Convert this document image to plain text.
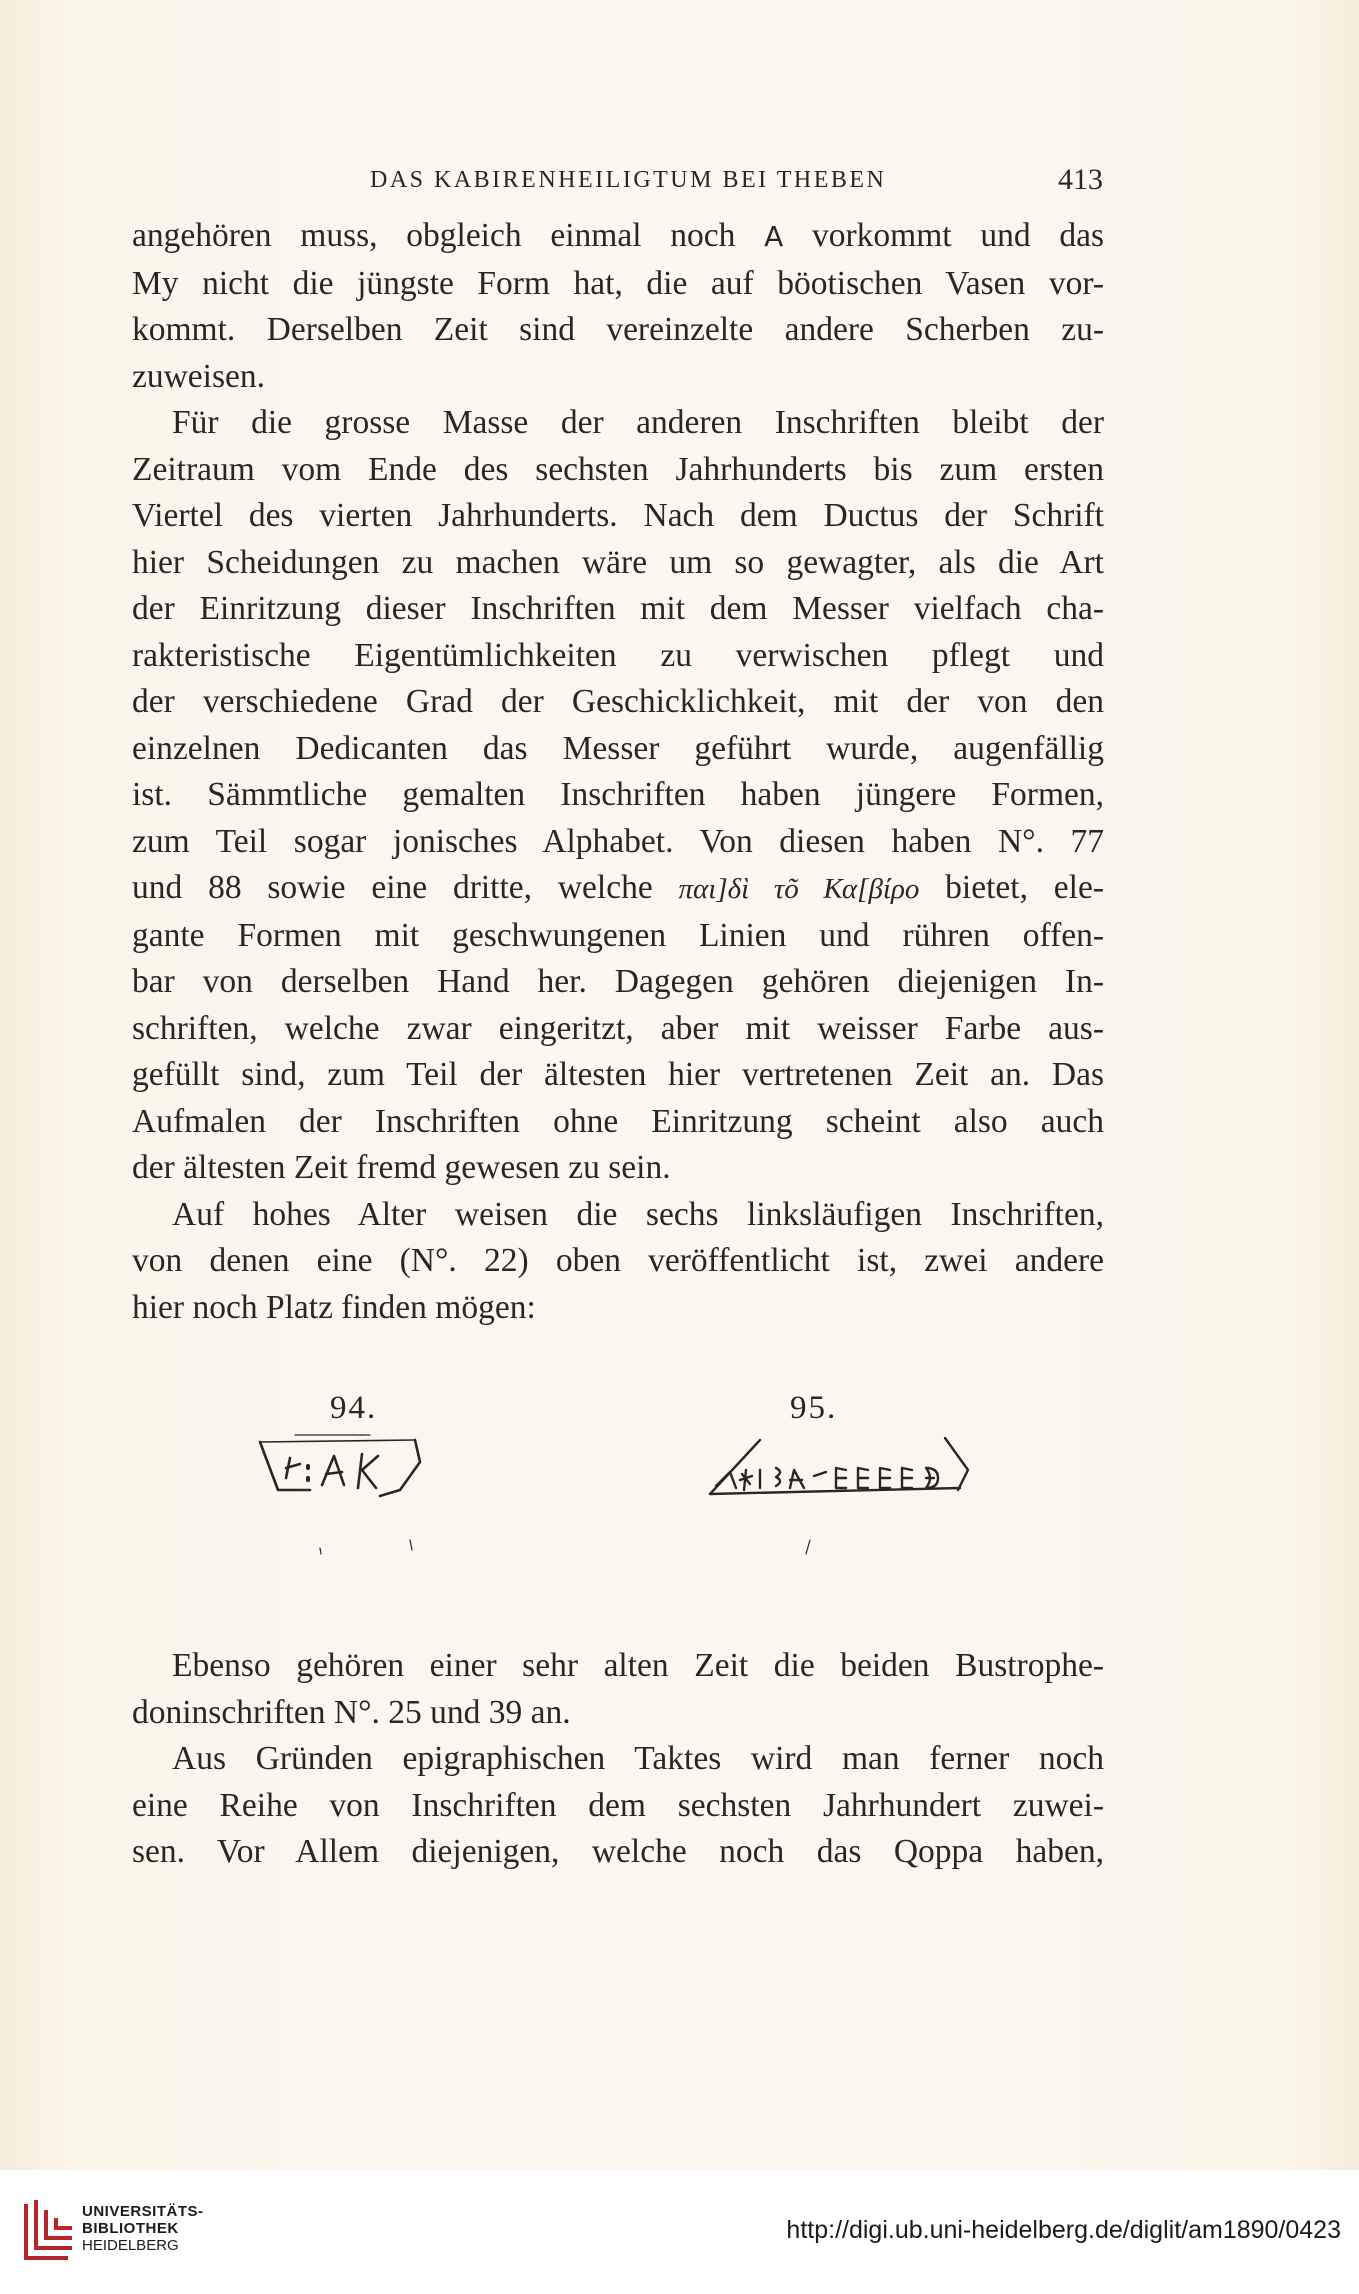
DAS KABIRENHEILIGTUM BEI THEBEN	413

angehören muss, obgleich einmal noch A vorkommt und das

My nicht die jüngste Form hat, die auf böotischen Vasen vor-

kommt. Derselben Zeit sind vereinzelte andere Scherben zu-

zuweisen.

Für die grosse Masse der anderen Inschriften bleibt der

Zeitraum vom Ende des sechsten Jahrhunderts bis zum ersten

Viertel des vierten Jahrhunderts. Nach dem Ductus der Schrift

hier Scheidungen zu machen wäre um so gewagter, als die Art

der Einritzung dieser Inschriften mit dem Messer vielfach cha-

rakteristische Eigentümlichkeiten zu verwischen pflegt und

der verschiedene Grad der Geschicklichkeit, mit der von den

einzelnen Dedicanten das Messer geführt wurde, augenfällig

ist. Sämmtliche gemalten Inschriften haben jüngere Formen,

zum Teil sogar jonisches Alphabet. Von diesen haben N°. 77

und 88 sowie eine dritte, welche παι]δὶ τõ Κα[βίρο bietet, ele-

gante Formen mit geschwungenen Linien und rühren offen-

bar von derselben Hand her. Dagegen gehören diejenigen In-

schriften, welche zwar eingeritzt, aber mit weisser Farbe aus-

gefüllt sind, zum Teil der ältesten hier vertretenen Zeit an. Das

Aufmalen der Inschriften ohne Einritzung scheint also auch

der ältesten Zeit fremd gewesen zu sein.

Auf hohes Alter weisen die sechs linksläufigen Inschriften,

von denen eine (N°. 22) oben veröffentlicht ist, zwei andere

hier noch Platz finden mögen:

94.	95.

Ebenso gehören einer sehr alten Zeit die beiden Bustrophe-

doninschriften N°. 25 und 39 an.

Aus Gründen epigraphischen Taktes wird man ferner noch

eine Reihe von Inschriften dem sechsten Jahrhundert zuwei-

sen. Vor Allem diejenigen, welche noch das Qoppa haben,

UNIVERSITÄTS-
BIBLIOTHEK
HEIDELBERG
http://digi.ub.uni-heidelberg.de/diglit/am1890/0423
